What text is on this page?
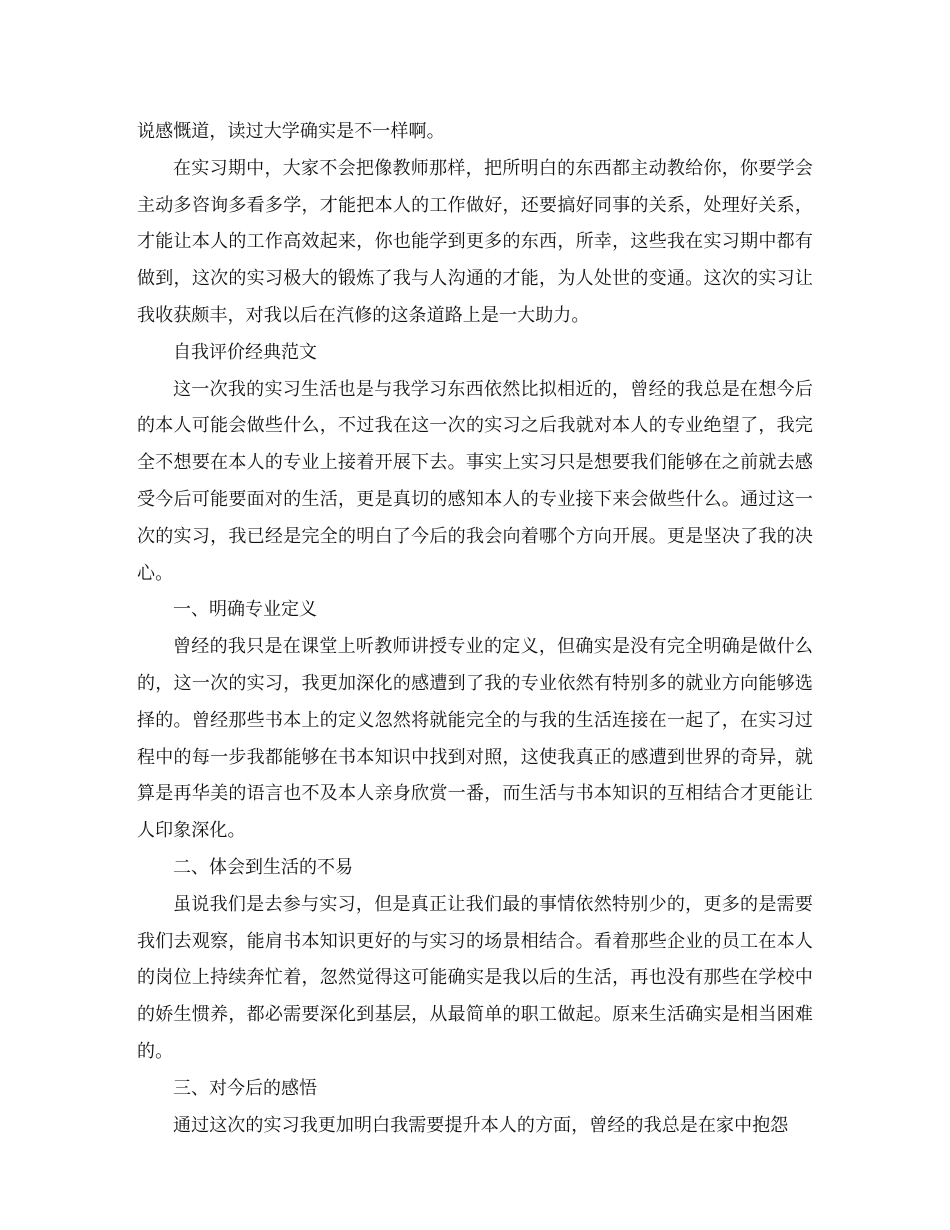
说感慨道，读过大学确实是不一样啊。

在实习期中，大家不会把像教师那样，把所明白的东西都主动教给你，你要学会主动多咨询多看多学，才能把本人的工作做好，还要搞好同事的关系，处理好关系，才能让本人的工作高效起来，你也能学到更多的东西，所幸，这些我在实习期中都有做到，这次的实习极大的锻炼了我与人沟通的才能，为人处世的变通。这次的实习让我收获颇丰，对我以后在汽修的这条道路上是一大助力。

自我评价经典范文

这一次我的实习生活也是与我学习东西依然比拟相近的，曾经的我总是在想今后的本人可能会做些什么，不过我在这一次的实习之后我就对本人的专业绝望了，我完全不想要在本人的专业上接着开展下去。事实上实习只是想要我们能够在之前就去感受今后可能要面对的生活，更是真切的感知本人的专业接下来会做些什么。通过这一次的实习，我已经是完全的明白了今后的我会向着哪个方向开展。更是坚决了我的决心。

一、明确专业定义

曾经的我只是在课堂上听教师讲授专业的定义，但确实是没有完全明确是做什么的，这一次的实习，我更加深化的感遭到了我的专业依然有特别多的就业方向能够选择的。曾经那些书本上的定义忽然将就能完全的与我的生活连接在一起了，在实习过程中的每一步我都能够在书本知识中找到对照，这使我真正的感遭到世界的奇异，就算是再华美的语言也不及本人亲身欣赏一番，而生活与书本知识的互相结合才更能让人印象深化。

二、体会到生活的不易

虽说我们是去参与实习，但是真正让我们最的事情依然特别少的，更多的是需要我们去观察，能肩书本知识更好的与实习的场景相结合。看着那些企业的员工在本人的岗位上持续奔忙着，忽然觉得这可能确实是我以后的生活，再也没有那些在学校中的娇生惯养，都必需要深化到基层，从最简单的职工做起。原来生活确实是相当困难的。

三、对今后的感悟

通过这次的实习我更加明白我需要提升本人的方面，曾经的我总是在家中抱怨
